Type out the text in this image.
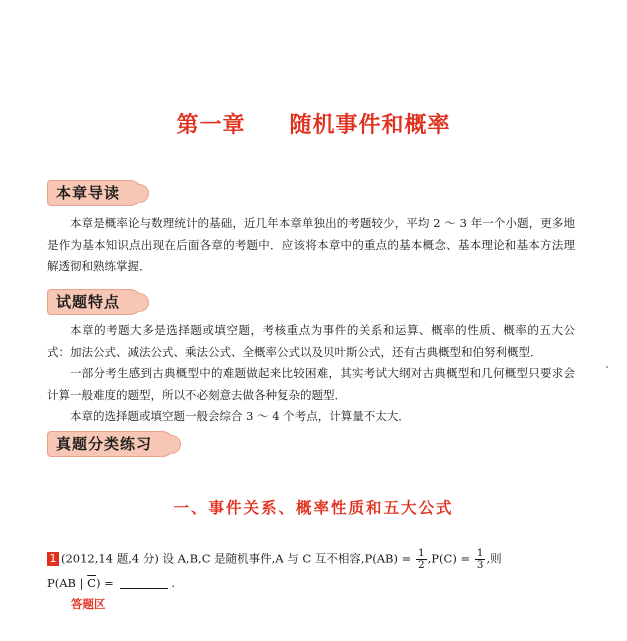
第一章 随机事件和概率
本章导读

本章是概率论与数理统计的基础，近几年本章单独出的考题较少，平均 2 ～ 3 年一个小题，更多地是作为基本知识点出现在后面各章的考题中．应该将本章中的重点的基本概念、基本理论和基本方法理解透彻和熟练掌握．

试题特点

本章的考题大多是选择题或填空题，考核重点为事件的关系和运算、概率的性质、概率的五大公式：加法公式、减法公式、乘法公式、全概率公式以及贝叶斯公式，还有古典概型和伯努利概型．

一部分考生感到古典概型中的难题做起来比较困难，其实考试大纲对古典概型和几何概型只要求会计算一般难度的题型，所以不必刻意去做各种复杂的题型．

本章的选择题或填空题一般会综合 3 ～ 4 个考点，计算量不太大．

真题分类练习
一、事件关系、概率性质和五大公式
1 (2012,14 题,4 分) 设 A,B,C 是随机事件,A 与 C 互不相容$,P(AB) = \frac{1}{2} ,P(C) = \frac{1}{3}$ ,则
P(AB | $\overline{C}$) =	.
答题区
